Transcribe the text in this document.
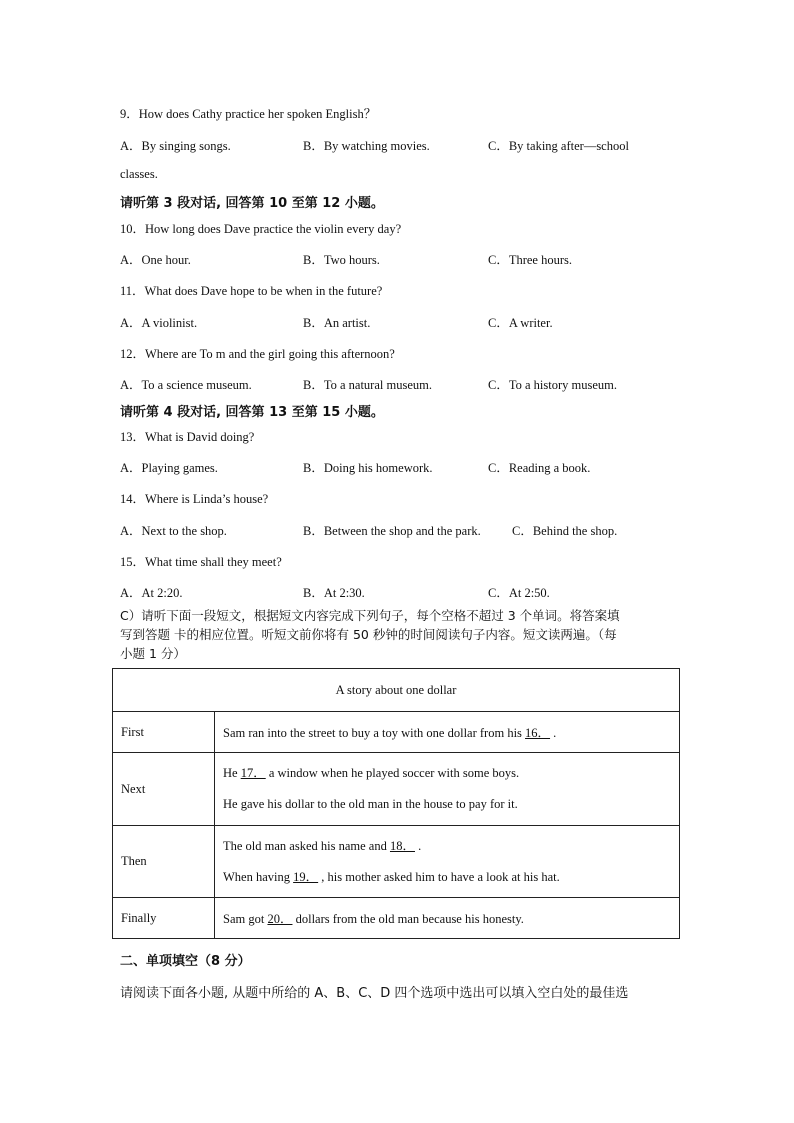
9．How does Cathy practice her spoken English？
A．By singing songs.	B．By watching movies.	C．By taking after—school
classes.
请听第 3 段对话, 回答第 10 至第 12 小题。
10．How long does Dave practice the violin every day?
A．One hour.	B．Two hours.	C．Three hours.
11．What does Dave hope to be when in the future?
A．A violinist.	B．An artist.	C．A writer.
12．Where are To m and the girl going this afternoon?
A．To a science museum.	B．To a natural museum.	C．To a history museum.
请听第 4 段对话, 回答第 13 至第 15 小题。
13．What is David doing?
A．Playing games.	B．Doing his homework.	C．Reading a book.
14．Where is Linda’s house?
A．Next to the shop.	B．Between the shop and the park.	C．Behind the shop.
15．What time shall they meet?
A．At 2:20.	B．At 2:30.	C．At 2:50.
C）请听下面一段短文，根据短文内容完成下列句子，每个空格不超过 3 个单词。将答案填
写到答题 卡的相应位置。听短文前你将有 50 秒钟的时间阅读句子内容。短文读两遍。（每
小题 1 分）
A story about one dollar	
First	Sam ran into the street to buy a toy with one dollar from his 16． .
Next	He 17． a window when he played soccer with some boys.

He gave his dollar to the old man in the house to pay for it.

Then	The old man asked his name and 18． .

When having 19． , his mother asked him to have a look at his hat.

Finally	Sam got 20． dollars from the old man because his honesty.
二、单项填空（8 分）
请阅读下面各小题, 从题中所给的 A、B、C、D 四个选项中选出可以填入空白处的最佳选
